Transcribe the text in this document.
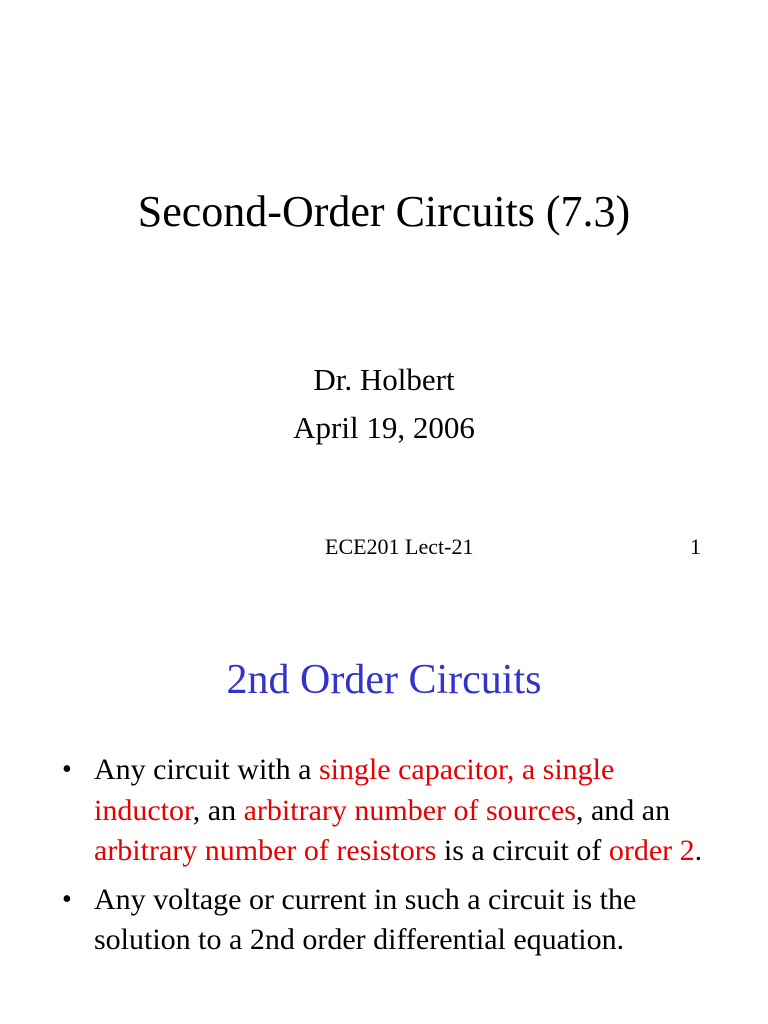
Second-Order Circuits (7.3)
Dr. Holbert
April 19, 2006
ECE201 Lect-21	1
2nd Order Circuits
• Any circuit with a single capacitor, a single inductor, an arbitrary number of sources, and an arbitrary number of resistors is a circuit of order 2.
• Any voltage or current in such a circuit is the solution to a 2nd order differential equation.
